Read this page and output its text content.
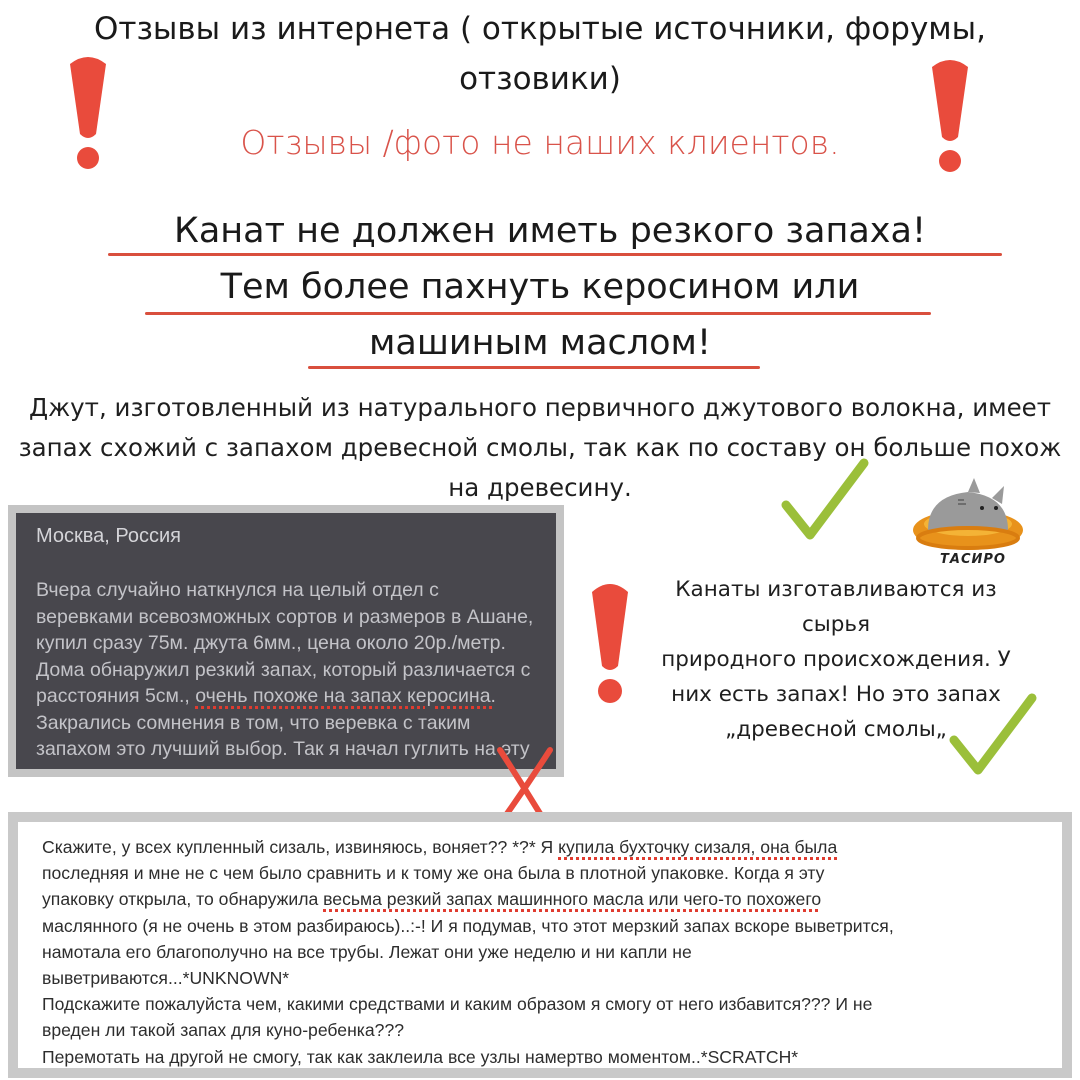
Отзывы из интернета ( открытые источники, форумы, отзовики)
Отзывы /фото не наших клиентов.
Канат не должен иметь резкого запаха!
Тем более пахнуть керосином или
машиным маслом!
Джут, изготовленный из натурального первичного джутового волокна, имеет запах схожий с запахом древесной смолы, так как по составу он больше похож на древесину.
ТАСИРО
Москва, Россия
Вчера случайно наткнулся на целый отдел с веревками всевозможных сортов и размеров в Ашане, купил сразу 75м. джута 6мм., цена около 20р./метр. Дома обнаружил резкий запах, который различается с расстояния 5см., очень похоже на запах керосина. Закрались сомнения в том, что веревка с таким запахом это лучший выбор. Так я начал гуглить на эту
Канаты изготавливаются из
сырья
природного происхождения. У
них есть запах! Но это запах
„древесной смолы„
Скажите, у всех купленный сизаль, извиняюсь, воняет?? *?* Я купила бухточку сизаля, она была
последняя и мне не с чем было сравнить и к тому же она была в плотной упаковке. Когда я эту
упаковку открыла, то обнаружила весьма резкий запах машинного масла или чего-то похожего
маслянного (я не очень в этом разбираюсь)..:-! И я подумав, что этот мерзкий запах вскоре выветрится,
намотала его благополучно на все трубы. Лежат они уже неделю и ни капли не
выветриваются...*UNKNOWN*
Подскажите пожалуйста чем, какими средствами и каким образом я смогу от него избавится??? И не
вреден ли такой запах для куно-ребенка???
Перемотать на другой не смогу, так как заклеила все узлы намертво моментом..*SCRATCH*
